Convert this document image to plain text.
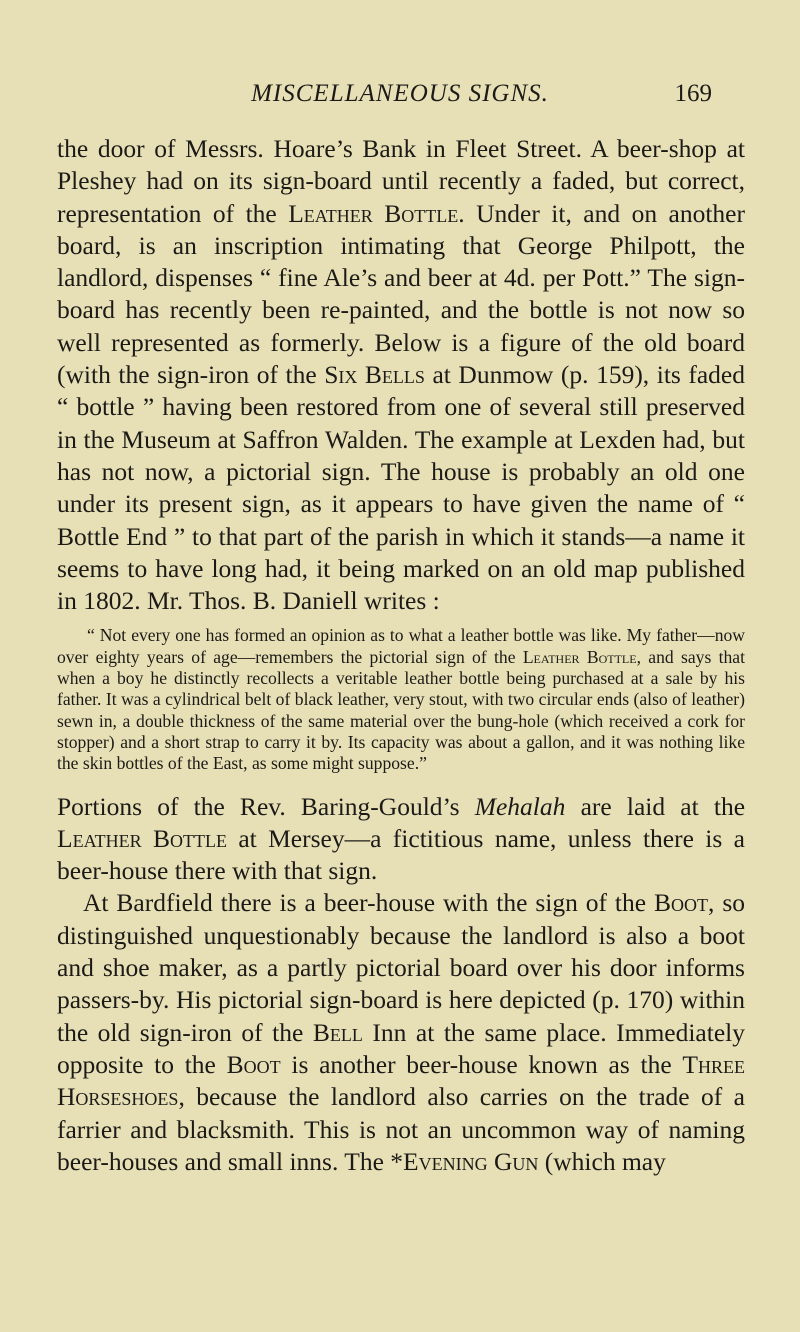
MISCELLANEOUS SIGNS.	169

the door of Messrs. Hoare’s Bank in Fleet Street. A beer-shop at Pleshey had on its sign-board until recently a faded, but correct, representation of the Leather Bottle. Under it, and on another board, is an inscription intimating that George Philpott, the landlord, dispenses “ fine Ale’s and beer at 4d. per Pott.” The sign-board has recently been re-painted, and the bottle is not now so well represented as formerly. Below is a figure of the old board (with the sign-iron of the Six Bells at Dunmow (p. 159), its faded “ bottle ” having been restored from one of several still preserved in the Museum at Saffron Walden. The example at Lexden had, but has not now, a pictorial sign. The house is probably an old one under its present sign, as it appears to have given the name of “ Bottle End ” to that part of the parish in which it stands—a name it seems to have long had, it being marked on an old map published in 1802. Mr. Thos. B. Daniell writes :

“ Not every one has formed an opinion as to what a leather bottle was like. My father—now over eighty years of age—remembers the pictorial sign of the Leather Bottle, and says that when a boy he distinctly recollects a veritable leather bottle being purchased at a sale by his father. It was a cylindrical belt of black leather, very stout, with two circular ends (also of leather) sewn in, a double thickness of the same material over the bung-hole (which received a cork for stopper) and a short strap to carry it by. Its capacity was about a gallon, and it was nothing like the skin bottles of the East, as some might suppose.”

Portions of the Rev. Baring-Gould’s Mehalah are laid at the Leather Bottle at Mersey—a fictitious name, unless there is a beer-house there with that sign.

At Bardfield there is a beer-house with the sign of the Boot, so distinguished unquestionably because the landlord is also a boot and shoe maker, as a partly pictorial board over his door informs passers-by. His pictorial sign-board is here depicted (p. 170) within the old sign-iron of the Bell Inn at the same place. Immediately opposite to the Boot is another beer-house known as the Three Horseshoes, because the landlord also carries on the trade of a farrier and blacksmith. This is not an uncommon way of naming beer-houses and small inns. The *Evening Gun (which may
